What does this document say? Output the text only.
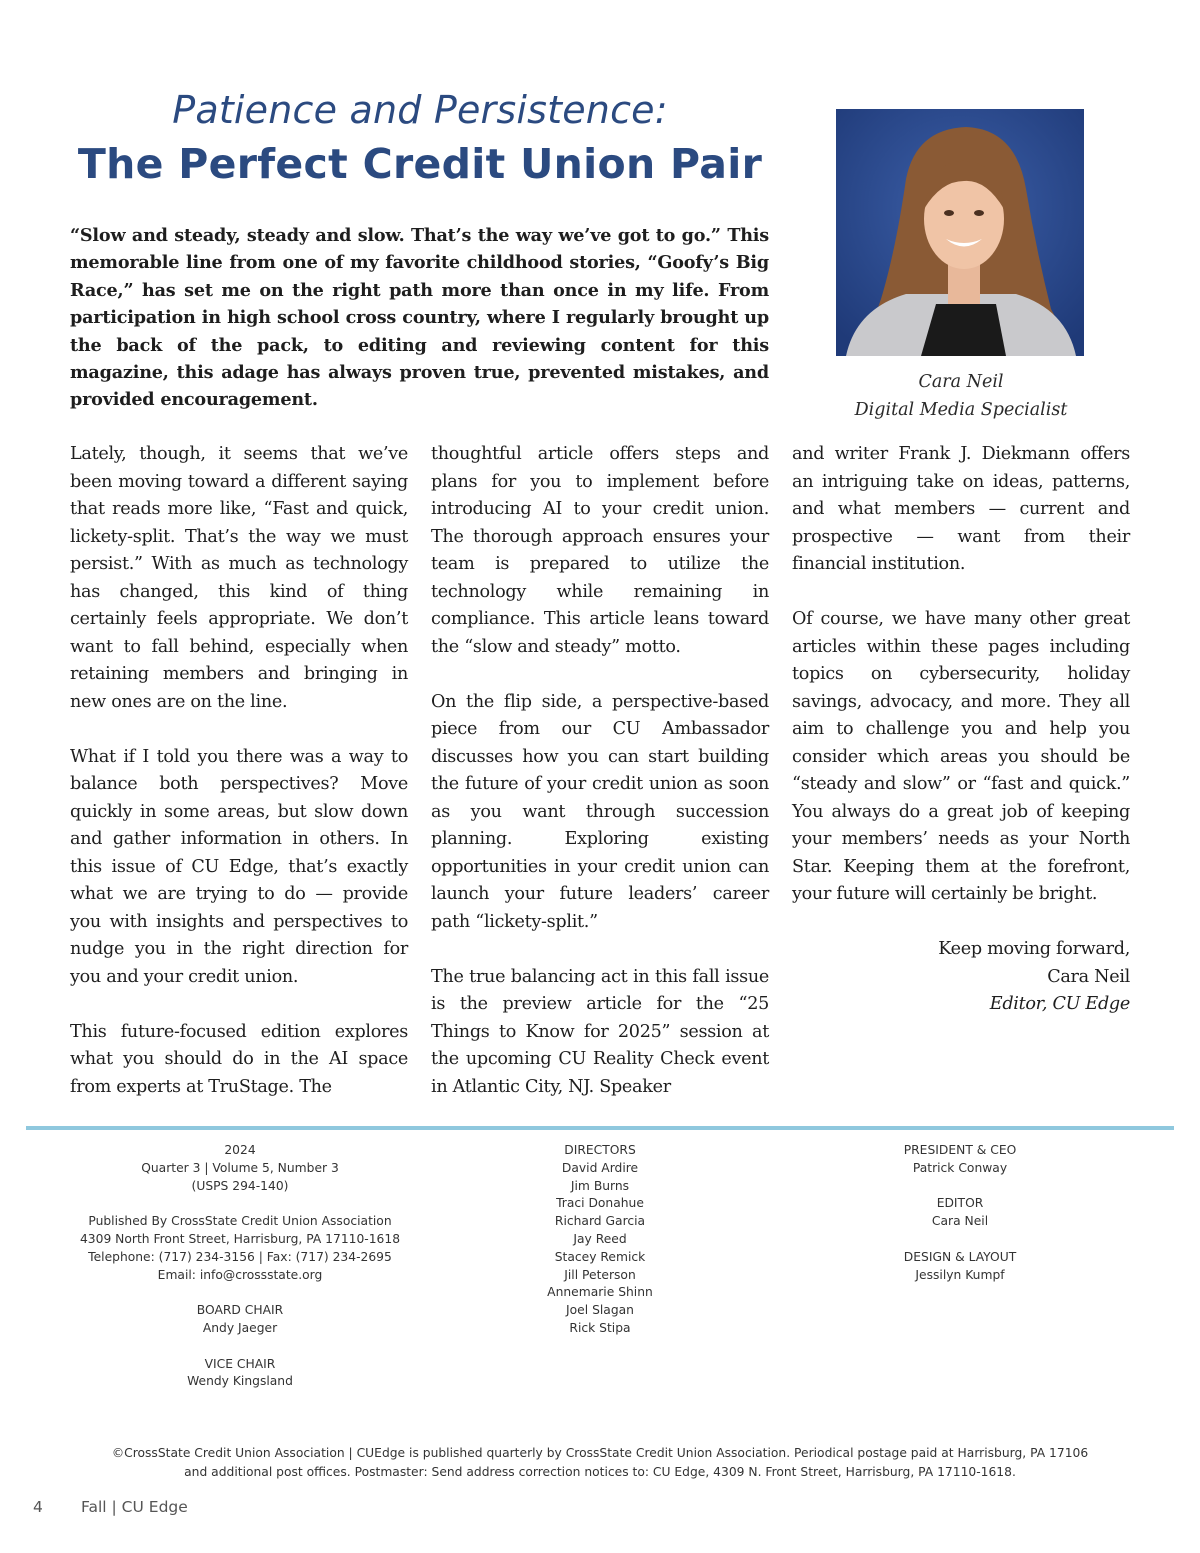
Patience and Persistence:
The Perfect Credit Union Pair
Cara Neil
Digital Media Specialist

“Slow and steady, steady and slow. That’s the way we’ve got to go.” This memorable line from one of my favorite childhood stories, “Goofy’s Big Race,” has set me on the right path more than once in my life. From participation in high school cross country, where I regularly brought up the back of the pack, to editing and reviewing content for this magazine, this adage has always proven true, prevented mistakes, and provided encouragement.

Lately, though, it seems that we’ve been moving toward a different saying that reads more like, “Fast and quick, lickety-split. That’s the way we must persist.” With as much as technology has changed, this kind of thing certainly feels appropriate. We don’t want to fall behind, especially when retaining members and bringing in new ones are on the line.

What if I told you there was a way to balance both perspectives? Move quickly in some areas, but slow down and gather information in others. In this issue of CU Edge, that’s exactly what we are trying to do — provide you with insights and perspectives to nudge you in the right direction for you and your credit union.

This future-focused edition explores what you should do in the AI space from experts at TruStage. The

thoughtful article offers steps and plans for you to implement before introducing AI to your credit union. The thorough approach ensures your team is prepared to utilize the technology while remaining in compliance. This article leans toward the “slow and steady” motto.

On the flip side, a perspective-based piece from our CU Ambassador discusses how you can start building the future of your credit union as soon as you want through succession planning. Exploring existing opportunities in your credit union can launch your future leaders’ career path “lickety-split.”

The true balancing act in this fall issue is the preview article for the “25 Things to Know for 2025” session at the upcoming CU Reality Check event in Atlantic City, NJ. Speaker

and writer Frank J. Diekmann offers an intriguing take on ideas, patterns, and what members — current and prospective — want from their financial institution.

Of course, we have many other great articles within these pages including topics on cybersecurity, holiday savings, advocacy, and more. They all aim to challenge you and help you consider which areas you should be “steady and slow” or “fast and quick.” You always do a great job of keeping your members’ needs as your North Star. Keeping them at the forefront, your future will certainly be bright.

Keep moving forward,
Cara Neil
Editor, CU Edge
2024
Quarter 3 | Volume 5, Number 3
(USPS 294-140)
Published By CrossState Credit Union Association
4309 North Front Street, Harrisburg, PA 17110-1618
Telephone: (717) 234-3156 | Fax: (717) 234-2695
Email: info@crossstate.org
BOARD CHAIR
Andy Jaeger
VICE CHAIR
Wendy Kingsland
DIRECTORS
David Ardire
Jim Burns
Traci Donahue
Richard Garcia
Jay Reed
Stacey Remick
Jill Peterson
Annemarie Shinn
Joel Slagan
Rick Stipa
PRESIDENT & CEO
Patrick Conway
EDITOR
Cara Neil
DESIGN & LAYOUT
Jessilyn Kumpf
©CrossState Credit Union Association | CUEdge is published quarterly by CrossState Credit Union Association. Periodical postage paid at Harrisburg, PA 17106
and additional post offices. Postmaster: Send address correction notices to: CU Edge, 4309 N. Front Street, Harrisburg, PA 17110-1618.
4 Fall | CU Edge
